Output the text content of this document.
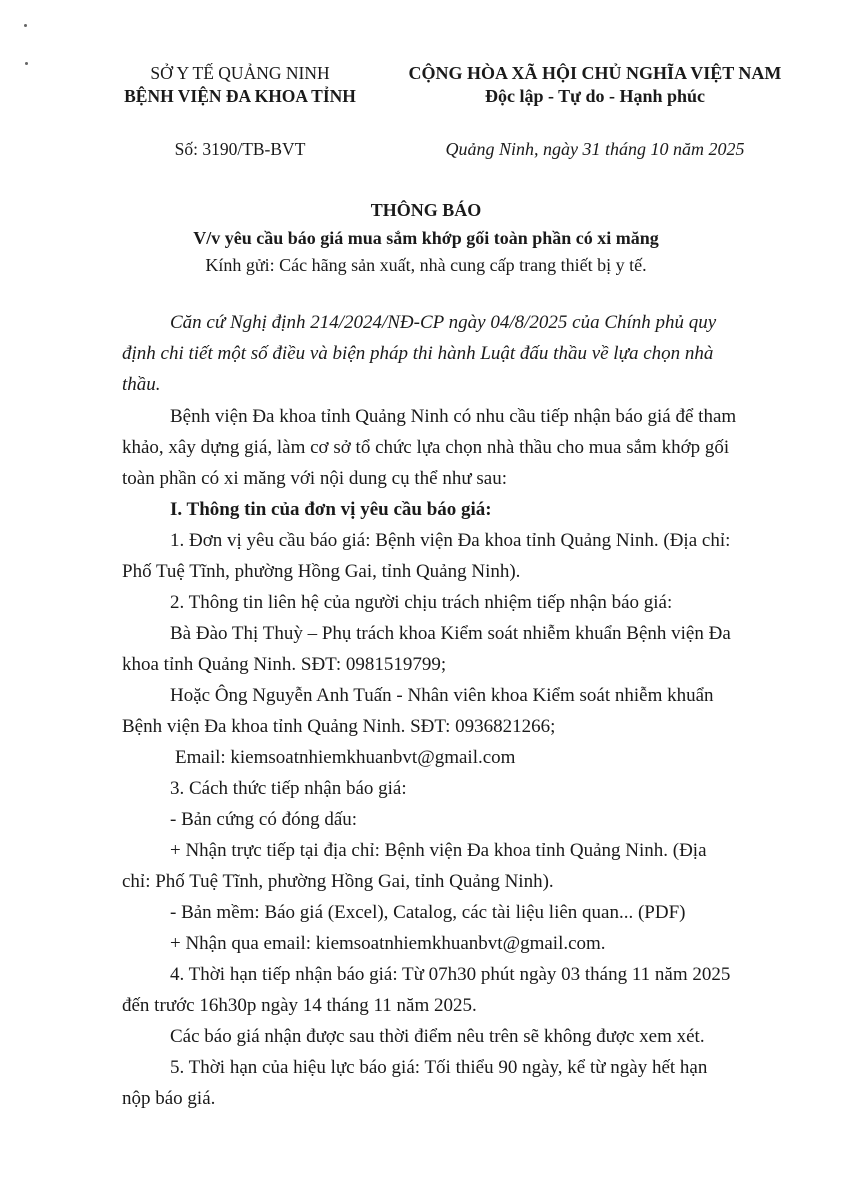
SỞ Y TẾ QUẢNG NINH
BỆNH VIỆN ĐA KHOA TỈNH
Số: 3190/TB-BVT
CỘNG HÒA XÃ HỘI CHỦ NGHĨA VIỆT NAM
Độc lập - Tự do - Hạnh phúc
Quảng Ninh, ngày 31 tháng 10 năm 2025
THÔNG BÁO
V/v yêu cầu báo giá mua sắm khớp gối toàn phần có xi măng
Kính gửi: Các hãng sản xuất, nhà cung cấp trang thiết bị y tế.
Căn cứ Nghị định 214/2024/NĐ-CP ngày 04/8/2025 của Chính phủ quy
định chi tiết một số điều và biện pháp thi hành Luật đấu thầu về lựa chọn nhà
thầu.
Bệnh viện Đa khoa tỉnh Quảng Ninh có nhu cầu tiếp nhận báo giá để tham
khảo, xây dựng giá, làm cơ sở tổ chức lựa chọn nhà thầu cho mua sắm khớp gối
toàn phần có xi măng với nội dung cụ thể như sau:
I. Thông tin của đơn vị yêu cầu báo giá:
1. Đơn vị yêu cầu báo giá: Bệnh viện Đa khoa tỉnh Quảng Ninh. (Địa chỉ:
Phố Tuệ Tĩnh, phường Hồng Gai, tỉnh Quảng Ninh).
2. Thông tin liên hệ của người chịu trách nhiệm tiếp nhận báo giá:
Bà Đào Thị Thuỳ – Phụ trách khoa Kiểm soát nhiễm khuẩn Bệnh viện Đa
khoa tỉnh Quảng Ninh. SĐT: 0981519799;
Hoặc Ông Nguyễn Anh Tuấn - Nhân viên khoa Kiểm soát nhiễm khuẩn
Bệnh viện Đa khoa tỉnh Quảng Ninh. SĐT: 0936821266;
Email: kiemsoatnhiemkhuanbvt@gmail.com
3. Cách thức tiếp nhận báo giá:
- Bản cứng có đóng dấu:
+ Nhận trực tiếp tại địa chỉ: Bệnh viện Đa khoa tỉnh Quảng Ninh. (Địa
chỉ: Phố Tuệ Tĩnh, phường Hồng Gai, tỉnh Quảng Ninh).
- Bản mềm: Báo giá (Excel), Catalog, các tài liệu liên quan... (PDF)
+ Nhận qua email: kiemsoatnhiemkhuanbvt@gmail.com.
4. Thời hạn tiếp nhận báo giá: Từ 07h30 phút ngày 03 tháng 11 năm 2025
đến trước 16h30p ngày 14 tháng 11 năm 2025.
Các báo giá nhận được sau thời điểm nêu trên sẽ không được xem xét.
5. Thời hạn của hiệu lực báo giá: Tối thiểu 90 ngày, kể từ ngày hết hạn
nộp báo giá.
